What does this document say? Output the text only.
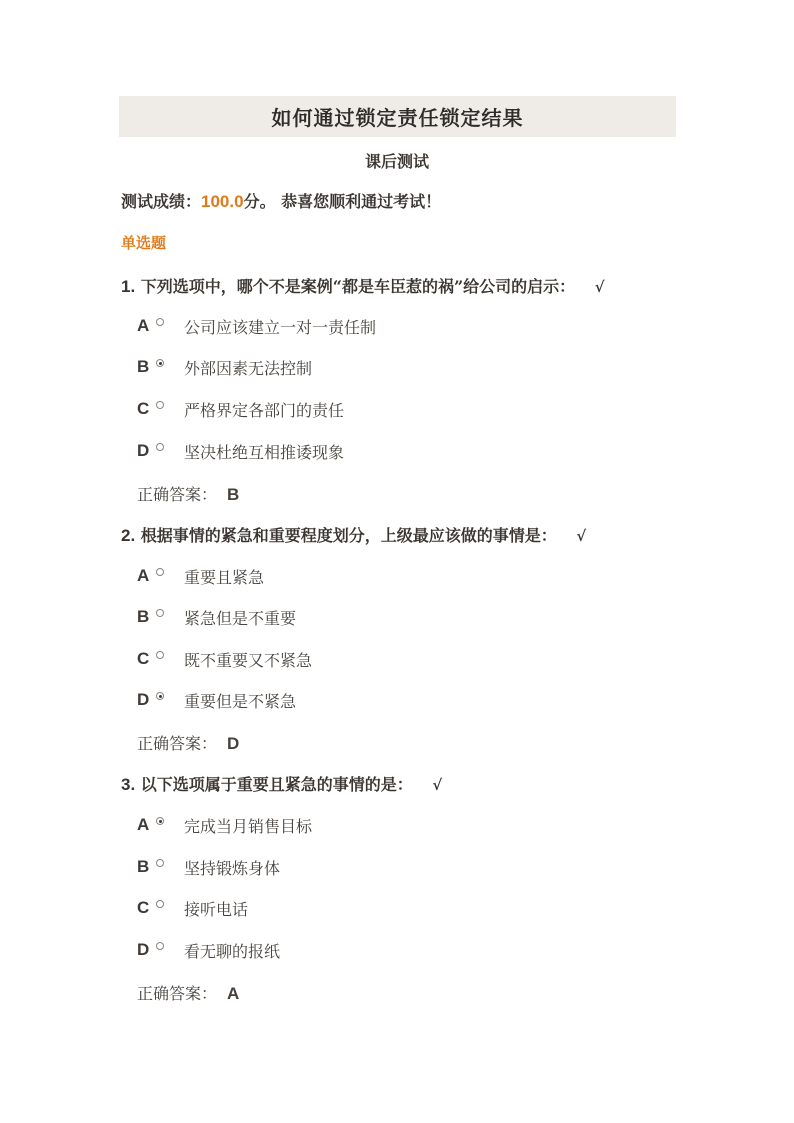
如何通过锁定责任锁定结果
课后测试
测试成绩：100.0分。 恭喜您顺利通过考试！
单选题
1. 下列选项中，哪个不是案例“都是车臣惹的祸”给公司的启示： √
A 公司应该建立一对一责任制
B 外部因素无法控制
C 严格界定各部门的责任
D 坚决杜绝互相推诿现象
正确答案： B
2. 根据事情的紧急和重要程度划分，上级最应该做的事情是： √
A 重要且紧急
B 紧急但是不重要
C 既不重要又不紧急
D 重要但是不紧急
正确答案： D
3. 以下选项属于重要且紧急的事情的是： √
A 完成当月销售目标
B 坚持锻炼身体
C 接听电话
D 看无聊的报纸
正确答案： A
